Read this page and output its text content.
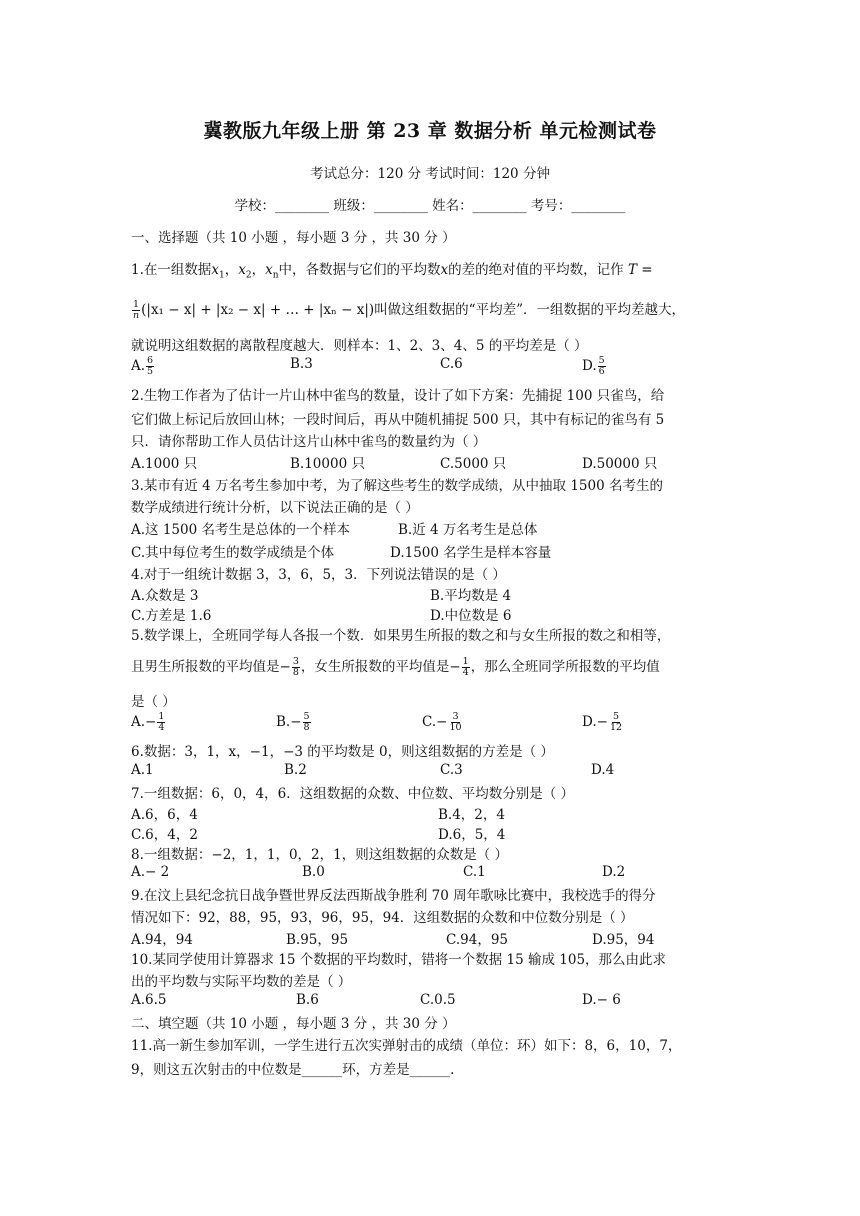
冀教版九年级上册 第 23 章 数据分析 单元检测试卷
考试总分：120 分 考试时间：120 分钟
学校：________ 班级：________ 姓名：________ 考号：________
一、选择题（共 10 小题 ，每小题 3 分 ，共 30 分 ）
1.在一组数据$x_1$，$x_2$，$x_n$中，各数据与它们的平均数x的差的绝对值的平均数，记作 T =
$\frac{1}{n} (|x_1 - x| + |x_2 - x|$ + … + |xₙ − x|)叫做这组数据的“平均差”．一组数据的平均差越大，
就说明这组数据的离散程度越大．则样本：1、2、3、4、5 的平均差是（ ）
A. $\frac{6}{5}$	B.3	C.6	D. $\frac{5}{6}$
2.生物工作者为了估计一片山林中雀鸟的数量，设计了如下方案：先捕捉 100 只雀鸟，给
它们做上标记后放回山林；一段时间后，再从中随机捕捉 500 只，其中有标记的雀鸟有 5
只．请你帮助工作人员估计这片山林中雀鸟的数量约为（ ）
A.1000 只	B.10000 只	C.5000 只	D.50000 只
3.某市有近 4 万名考生参加中考，为了解这些考生的数学成绩，从中抽取 1500 名考生的
数学成绩进行统计分析，以下说法正确的是（ ）
A.这 1500 名考生是总体的一个样本	B.近 4 万名考生是总体
C.其中每位考生的数学成绩是个体	D.1500 名学生是样本容量
4.对于一组统计数据 3，3，6，5，3．下列说法错误的是（ ）
A.众数是 3	B.平均数是 4
C.方差是 1.6	D.中位数是 6
5.数学课上，全班同学每人各报一个数．如果男生所报的数之和与女生所报的数之和相等，
且男生所报数的平均值是− $\frac{3}{8}$ ，女生所报数的平均值是− $\frac{1}{4}$ ，那么全班同学所报数的平均值
是（ ）
$A.- \frac{1}{4}$	$B.- \frac{5}{8}$	$C.- \frac{3}{10}$	$D.- \frac{5}{12}$
6.数据：3，1，x，−1，−3 的平均数是 0，则这组数据的方差是（ ）
A.1	B.2	C.3	D.4
7.一组数据：6，0，4，6．这组数据的众数、中位数、平均数分别是（ ）
A.6，6，4	B.4，2，4
C.6，4，2	D.6，5，4
8.一组数据：−2，1，1，0，2，1，则这组数据的众数是（ ）
A.− 2	B.0	C.1	D.2
9.在汶上县纪念抗日战争暨世界反法西斯战争胜利 70 周年歌咏比赛中，我校选手的得分
情况如下：92，88，95，93，96，95，94．这组数据的众数和中位数分别是（ ）
A.94，94	B.95，95	C.94，95	D.95，94
10.某同学使用计算器求 15 个数据的平均数时，错将一个数据 15 输成 105，那么由此求
出的平均数与实际平均数的差是（ ）
A.6.5	B.6	C.0.5	D.− 6
二、填空题（共 10 小题 ，每小题 3 分 ，共 30 分 ）
11.高一新生参加军训，一学生进行五次实弹射击的成绩（单位：环）如下：8，6，10，7，
9，则这五次射击的中位数是______环，方差是______.
